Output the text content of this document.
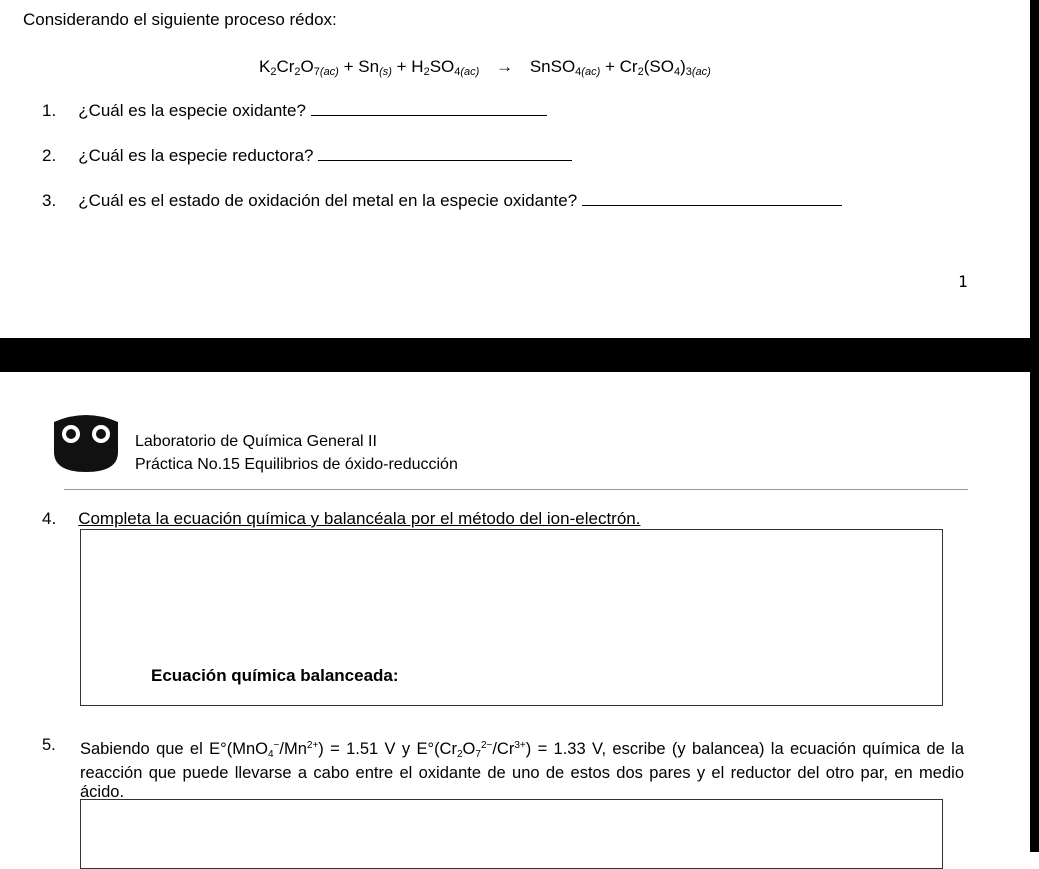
Considerando el siguiente proceso rédox:
$K_2Cr_2O_{7(ac)} + Sn_{(s)} + H_2SO_{4(ac)}$ → SnSO$_{4(ac)}$ + $Cr_2(SO_4)_{3(ac)}$
1. ¿Cuál es la especie oxidante?
2. ¿Cuál es la especie reductora?
3. ¿Cuál es el estado de oxidación del metal en la especie oxidante?
1
Laboratorio de Química General II
Práctica No.15 Equilibrios de óxido-reducción
4. Completa la ecuación química y balancéala por el método del ion-electrón.
Ecuación química balanceada:
5. Sabiendo que el $E^\circ(MnO_4^-/Mn^{2+}) = 1.51$ V y $E^\circ(Cr_2O_7^{2-}/Cr^{3+}) = 1.33$ V, escribe (y balancea) la ecuación química de la reacción que puede llevarse a cabo entre el oxidante de uno de estos dos pares y el reductor del otro par, en medio ácido.
